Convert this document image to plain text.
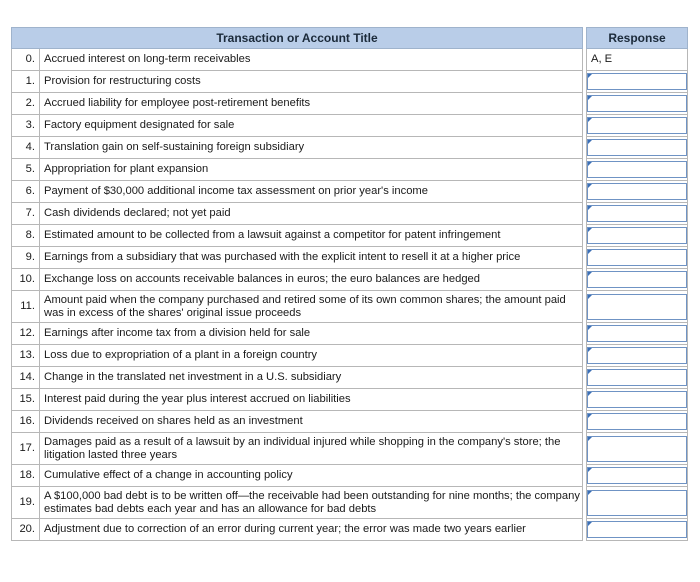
Transaction or Account Title			Response
0.	Accrued interest on long-term receivables		A, E
1.	Provision for restructuring costs		

2.	Accrued liability for employee post-retirement benefits		

3.	Factory equipment designated for sale		

4.	Translation gain on self-sustaining foreign subsidiary		

5.	Appropriation for plant expansion		

6.	Payment of $30,000 additional income tax assessment on prior year's income		

7.	Cash dividends declared; not yet paid		

8.	Estimated amount to be collected from a lawsuit against a competitor for patent infringement		

9.	Earnings from a subsidiary that was purchased with the explicit intent to resell it at a higher price		

10.	Exchange loss on accounts receivable balances in euros; the euro balances are hedged		

11.	Amount paid when the company purchased and retired some of its own common shares; the amount paid was in excess of the shares' original issue proceeds		

12.	Earnings after income tax from a division held for sale		

13.	Loss due to expropriation of a plant in a foreign country		

14.	Change in the translated net investment in a U.S. subsidiary		

15.	Interest paid during the year plus interest accrued on liabilities		

16.	Dividends received on shares held as an investment		

17.	Damages paid as a result of a lawsuit by an individual injured while shopping in the company's store; the litigation lasted three years		

18.	Cumulative effect of a change in accounting policy		

19.	A $100,000 bad debt is to be written off—the receivable had been outstanding for nine months; the company estimates bad debts each year and has an allowance for bad debts		

20.	Adjustment due to correction of an error during current year; the error was made two years earlier		
